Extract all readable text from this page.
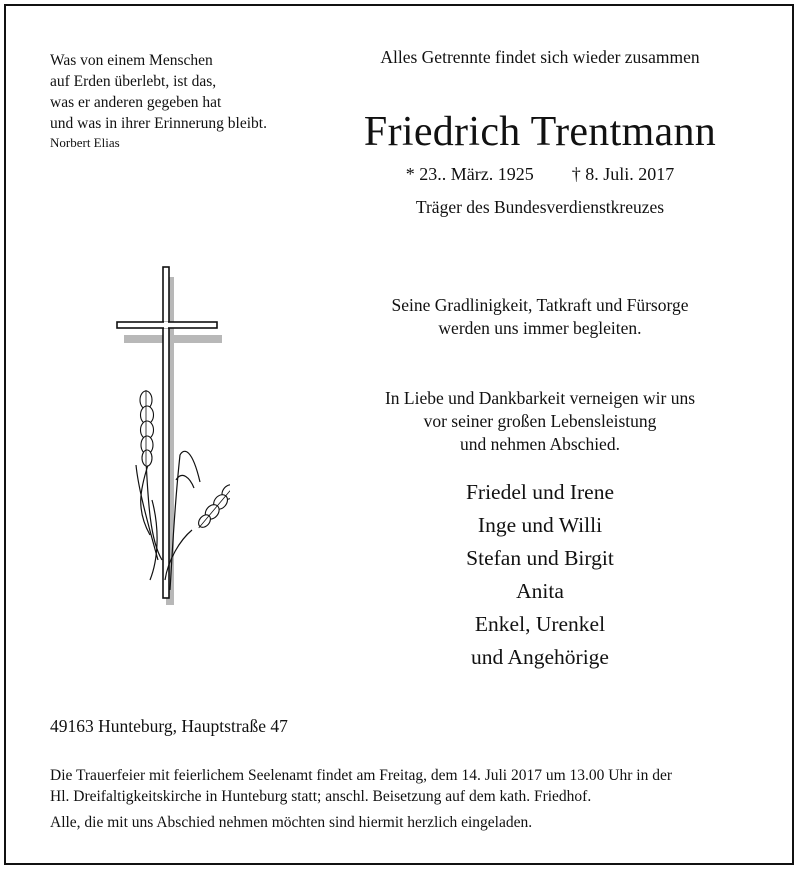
Was von einem Menschen
auf Erden überlebt, ist das,
was er anderen gegeben hat
und was in ihrer Erinnerung bleibt.
Norbert Elias
Alles Getrennte findet sich wieder zusammen
Friedrich Trentmann
* 23.. März. 1925 † 8. Juli. 2017
Träger des Bundesverdienstkreuzes
Seine Gradlinigkeit, Tatkraft und Fürsorge
werden uns immer begleiten.
In Liebe und Dankbarkeit verneigen wir uns
vor seiner großen Lebensleistung
und nehmen Abschied.
Friedel und Irene
Inge und Willi
Stefan und Birgit
Anita
Enkel, Urenkel
und Angehörige
49163 Hunteburg, Hauptstraße 47
Die Trauerfeier mit feierlichem Seelenamt findet am Freitag, dem 14. Juli 2017 um 13.00 Uhr in der
Hl. Dreifaltigkeitskirche in Hunteburg statt; anschl. Beisetzung auf dem kath. Friedhof.
Alle, die mit uns Abschied nehmen möchten sind hiermit herzlich eingeladen.
